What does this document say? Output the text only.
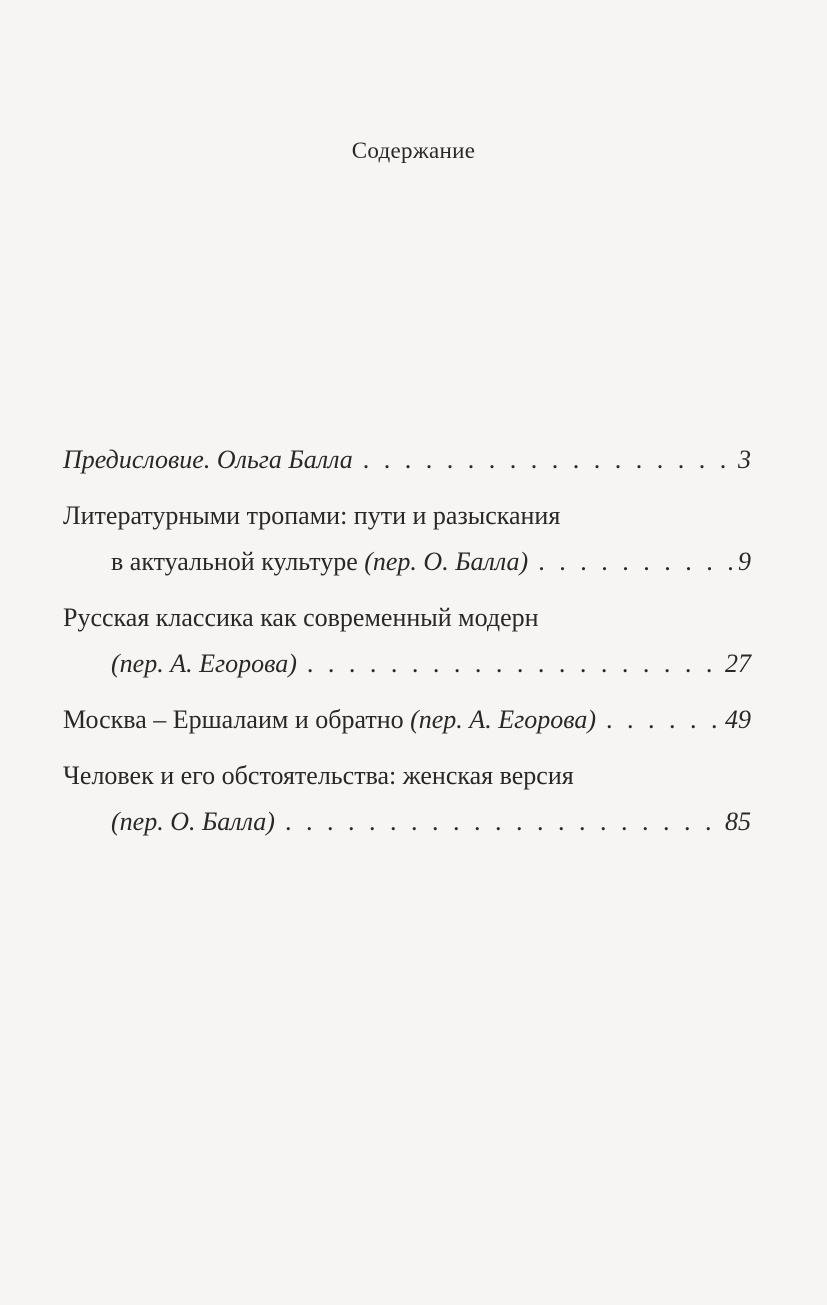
Содержание
Предисловие. Ольга Балла . . .	3
Литературными тропами: пути и разыскания
в актуальной культуре
(пер. О. Балла) . . .	9
Русская классика как современный модерн
(пер. А. Егорова) . . .	27
Москва – Ершалаим и обратно
(пер. А. Егорова) . . .	49
Человек и его обстоятельства: женская версия
(пер. О. Балла) . . .	85
